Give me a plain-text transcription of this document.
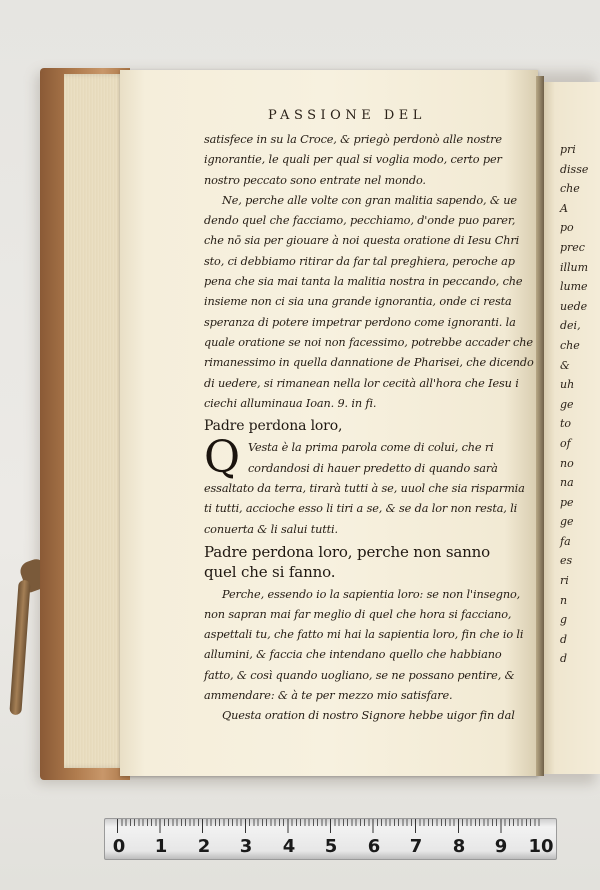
PASSIONE DEL
satisfece in su la Croce, & priegò perdonò alle nostre
ignorantie, le quali per qual si voglia modo, certo per
nostro peccato sono entrate nel mondo.
Ne, perche alle volte con gran malitia sapendo, & ue
dendo quel che facciamo, pecchiamo, d'onde puo parer,
che nō sia per giouare à noi questa oratione di Iesu Chri
sto, ci debbiamo ritirar da far tal preghiera, peroche ap
pena che sia mai tanta la malitia nostra in peccando, che
insieme non ci sia una grande ignorantia, onde ci resta
speranza di potere impetrar perdono come ignoranti. la
quale oratione se noi non facessimo, potrebbe accader che
rimanessimo in quella dannatione de Pharisei, che dicendo
di uedere, si rimanean nella lor cecità all'hora che Iesu i
ciechi alluminaua Ioan. 9. in fi.
Padre perdona loro,
Q Vesta è la prima parola come di colui, che ri
cordandosi di hauer predetto di quando sarà
essaltato da terra, tirarà tutti à se, uuol che sia risparmia
ti tutti, accioche esso li tiri a se, & se da lor non resta, li
conuerta & li salui tutti.
Padre perdona loro, perche non sanno
quel che si fanno.
Perche, essendo io la sapientia loro: se non l'insegno,
non sapran mai far meglio di quel che hora si facciano,
aspettali tu, che fatto mi hai la sapientia loro, fin che io li
allumini, & faccia che intendano quello che habbiano
fatto, & così quando uogliano, se ne possano pentire, &
ammendare: & à te per mezzo mio satisfare.
Questa oration di nostro Signore hebbe uigor fin dal
pri
disse
che
A po
prec
illum
lume
uede
dei,
che
&
uh
ge
to
of
no
na
pe
ge
fa
es
ri
n
g
d
d
0 1 2 3 4 5 6 7 8 9 10
